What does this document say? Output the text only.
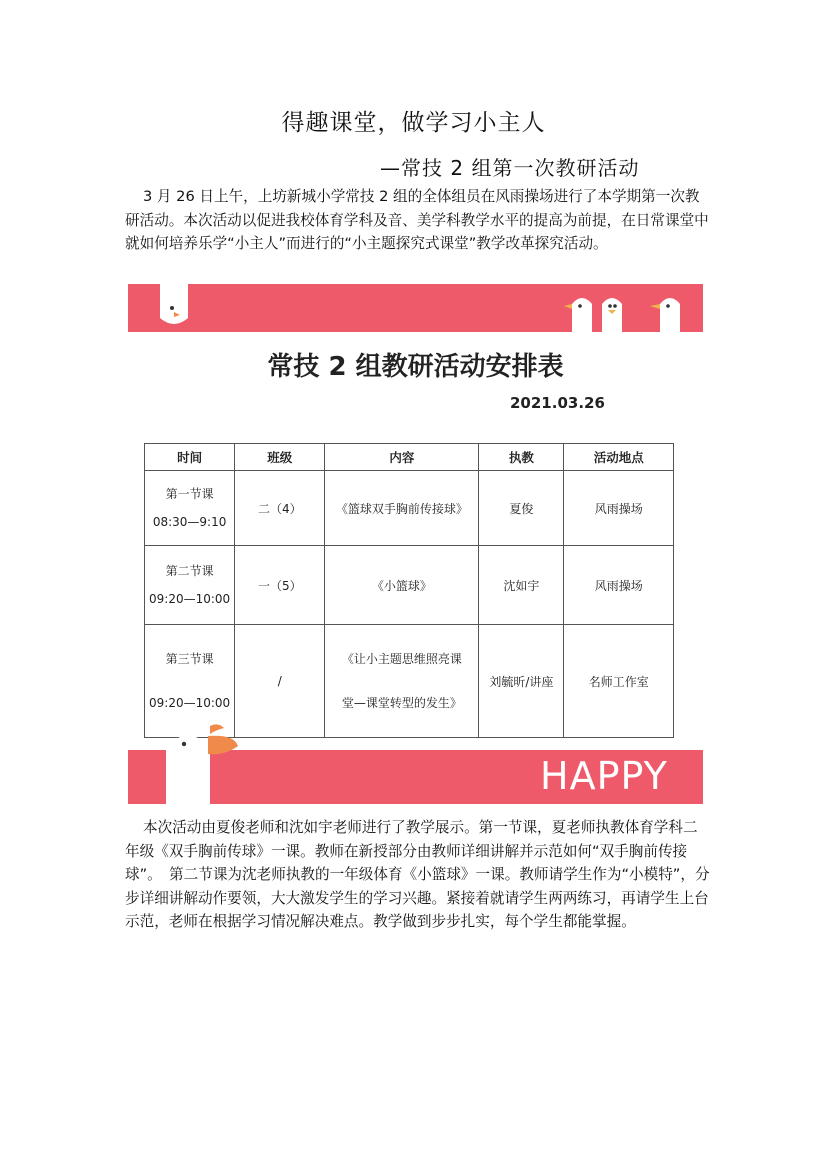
得趣课堂，做学习小主人
—常技 2 组第一次教研活动

3 月 26 日上午，上坊新城小学常技 2 组的全体组员在风雨操场进行了本学期第一次教研活动。本次活动以促进我校体育学科及音、美学科教学水平的提高为前提，在日常课堂中就如何培养乐学“小主人”而进行的“小主题探究式课堂”教学改革探究活动。

常技 2 组教研活动安排表
2021.03.26
时间	班级	内容	执教	活动地点

第一节课
08:30—9:10	二（4）	《篮球双手胸前传接球》	夏俊	风雨操场

第二节课
09:20—10:00	一（5）	《小篮球》	沈如宇	风雨操场

第三节课
09:20—10:00	/	《让小主题思维照亮课
堂—课堂转型的发生》	刘毓昕/讲座	名师工作室
HAPPY

本次活动由夏俊老师和沈如宇老师进行了教学展示。第一节课，夏老师执教体育学科二年级《双手胸前传球》一课。教师在新授部分由教师详细讲解并示范如何“双手胸前传接球”。　第二节课为沈老师执教的一年级体育《小篮球》一课。教师请学生作为“小模特”，分步详细讲解动作要领，大大激发学生的学习兴趣。紧接着就请学生两两练习，再请学生上台示范，老师在根据学习情况解决难点。教学做到步步扎实，每个学生都能掌握。
